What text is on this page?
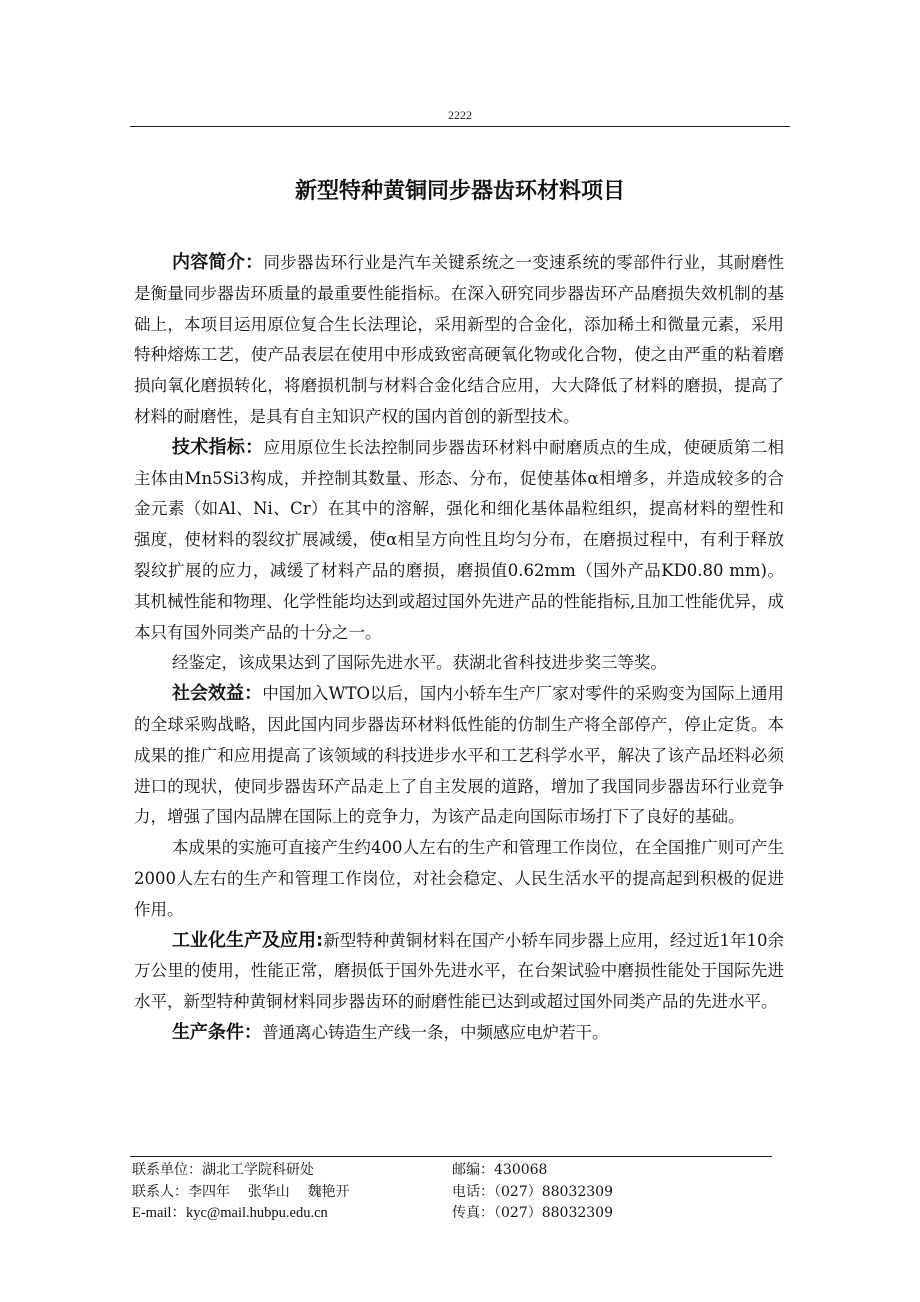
2222
新型特种黄铜同步器齿环材料项目

内容简介：同步器齿环行业是汽车关键系统之一变速系统的零部件行业，其耐磨性是衡量同步器齿环质量的最重要性能指标。在深入研究同步器齿环产品磨损失效机制的基础上，本项目运用原位复合生长法理论，采用新型的合金化，添加稀土和微量元素，采用特种熔炼工艺，使产品表层在使用中形成致密高硬氧化物或化合物，使之由严重的粘着磨损向氧化磨损转化，将磨损机制与材料合金化结合应用，大大降低了材料的磨损，提高了材料的耐磨性，是具有自主知识产权的国内首创的新型技术。

技术指标：应用原位生长法控制同步器齿环材料中耐磨质点的生成，使硬质第二相主体由Mn5Si3构成，并控制其数量、形态、分布，促使基体α相增多，并造成较多的合金元素（如Al、Ni、Cr）在其中的溶解，强化和细化基体晶粒组织，提高材料的塑性和强度，使材料的裂纹扩展减缓，使α相呈方向性且均匀分布，在磨损过程中，有利于释放裂纹扩展的应力，减缓了材料产品的磨损，磨损值0.62mm（国外产品KD0.80 mm)。其机械性能和物理、化学性能均达到或超过国外先进产品的性能指标,且加工性能优异，成本只有国外同类产品的十分之一。

经鉴定，该成果达到了国际先进水平。获湖北省科技进步奖三等奖。

社会效益：中国加入WTO以后，国内小轿车生产厂家对零件的采购变为国际上通用的全球采购战略，因此国内同步器齿环材料低性能的仿制生产将全部停产，停止定货。本成果的推广和应用提高了该领域的科技进步水平和工艺科学水平，解决了该产品坯料必须进口的现状，使同步器齿环产品走上了自主发展的道路，增加了我国同步器齿环行业竞争力，增强了国内品牌在国际上的竞争力，为该产品走向国际市场打下了良好的基础。

本成果的实施可直接产生约400人左右的生产和管理工作岗位，在全国推广则可产生2000人左右的生产和管理工作岗位，对社会稳定、人民生活水平的提高起到积极的促进作用。

工业化生产及应用:新型特种黄铜材料在国产小轿车同步器上应用，经过近1年10余万公里的使用，性能正常，磨损低于国外先进水平，在台架试验中磨损性能处于国际先进水平，新型特种黄铜材料同步器齿环的耐磨性能已达到或超过国外同类产品的先进水平。

生产条件：普通离心铸造生产线一条，中频感应电炉若干。

联系单位：湖北工学院科研处	邮编：430068
联系人：李四年    张华山    魏艳开	电话：（027）88032309
E-mail：kyc@mail.hubpu.edu.cn	传真：（027）88032309
